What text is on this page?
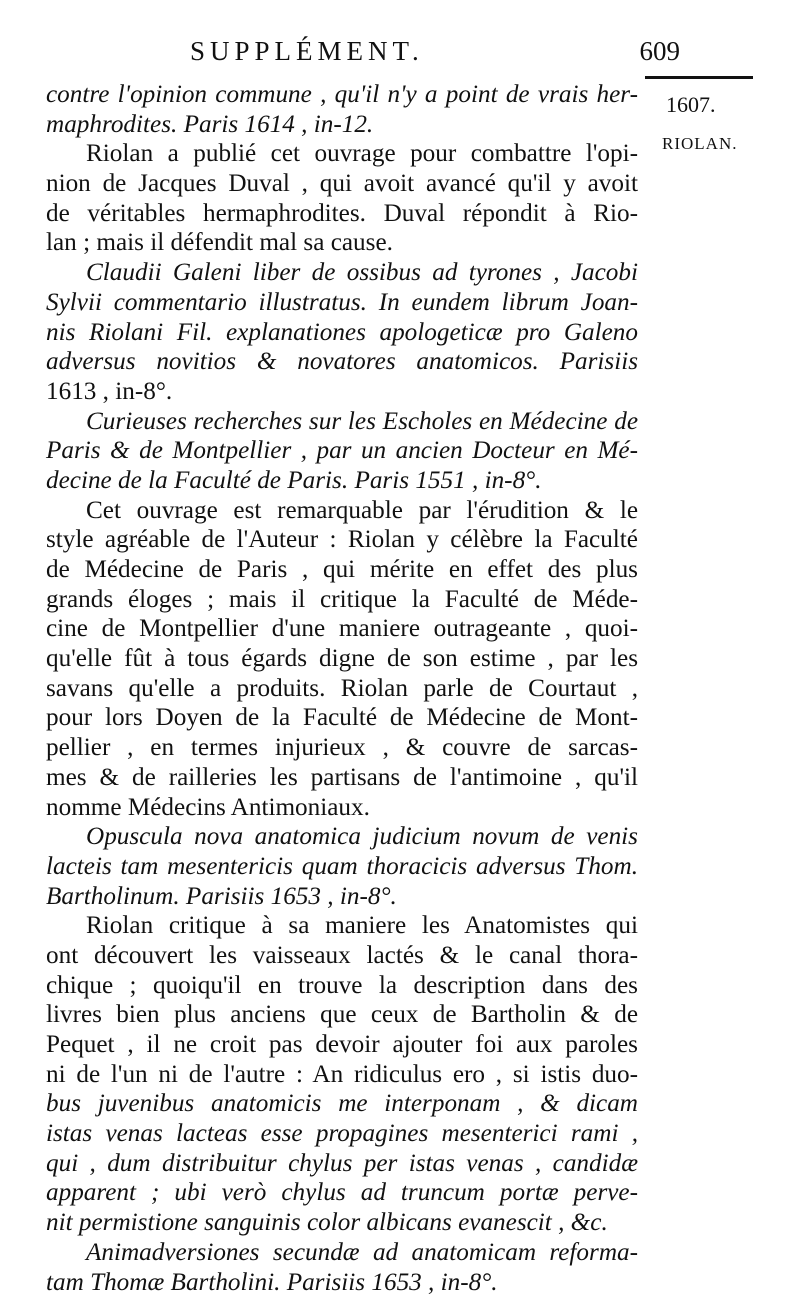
SUPPLÉMENT.	609
1607.
RIOLAN.
contre l'opinion commune , qu'il n'y a point de vrais her-
maphrodites. Paris 1614 , in-12.
Riolan a publié cet ouvrage pour combattre l'opi-
nion de Jacques Duval , qui avoit avancé qu'il y avoit
de véritables hermaphrodites. Duval répondit à Rio-
lan ; mais il défendit mal sa cause.
Claudii Galeni liber de ossibus ad tyrones , Jacobi
Sylvii commentario illustratus. In eundem librum Joan-
nis Riolani Fil. explanationes apologeticæ pro Galeno
adversus novitios & novatores anatomicos. Parisiis
1613 , in-8°.
Curieuses recherches sur les Escholes en Médecine de
Paris & de Montpellier , par un ancien Docteur en Mé-
decine de la Faculté de Paris. Paris 1551 , in-8°.
Cet ouvrage est remarquable par l'érudition & le
style agréable de l'Auteur : Riolan y célèbre la Faculté
de Médecine de Paris , qui mérite en effet des plus
grands éloges ; mais il critique la Faculté de Méde-
cine de Montpellier d'une maniere outrageante , quoi-
qu'elle fût à tous égards digne de son estime , par les
savans qu'elle a produits. Riolan parle de Courtaut ,
pour lors Doyen de la Faculté de Médecine de Mont-
pellier , en termes injurieux , & couvre de sarcas-
mes & de railleries les partisans de l'antimoine , qu'il
nomme Médecins Antimoniaux.
Opuscula nova anatomica judicium novum de venis
lacteis tam mesentericis quam thoracicis adversus Thom.
Bartholinum. Parisiis 1653 , in-8°.
Riolan critique à sa maniere les Anatomistes qui
ont découvert les vaisseaux lactés & le canal thora-
chique ; quoiqu'il en trouve la description dans des
livres bien plus anciens que ceux de Bartholin & de
Pequet , il ne croit pas devoir ajouter foi aux paroles
ni de l'un ni de l'autre : An ridiculus ero , si istis duo-
bus juvenibus anatomicis me interponam , & dicam
istas venas lacteas esse propagines mesenterici rami ,
qui , dum distribuitur chylus per istas venas , candidæ
apparent ; ubi verò chylus ad truncum portæ perve-
nit permistione sanguinis color albicans evanescit , &c.
Animadversiones secundæ ad anatomicam reforma-
tam Thomæ Bartholini. Parisiis 1653 , in-8°.
